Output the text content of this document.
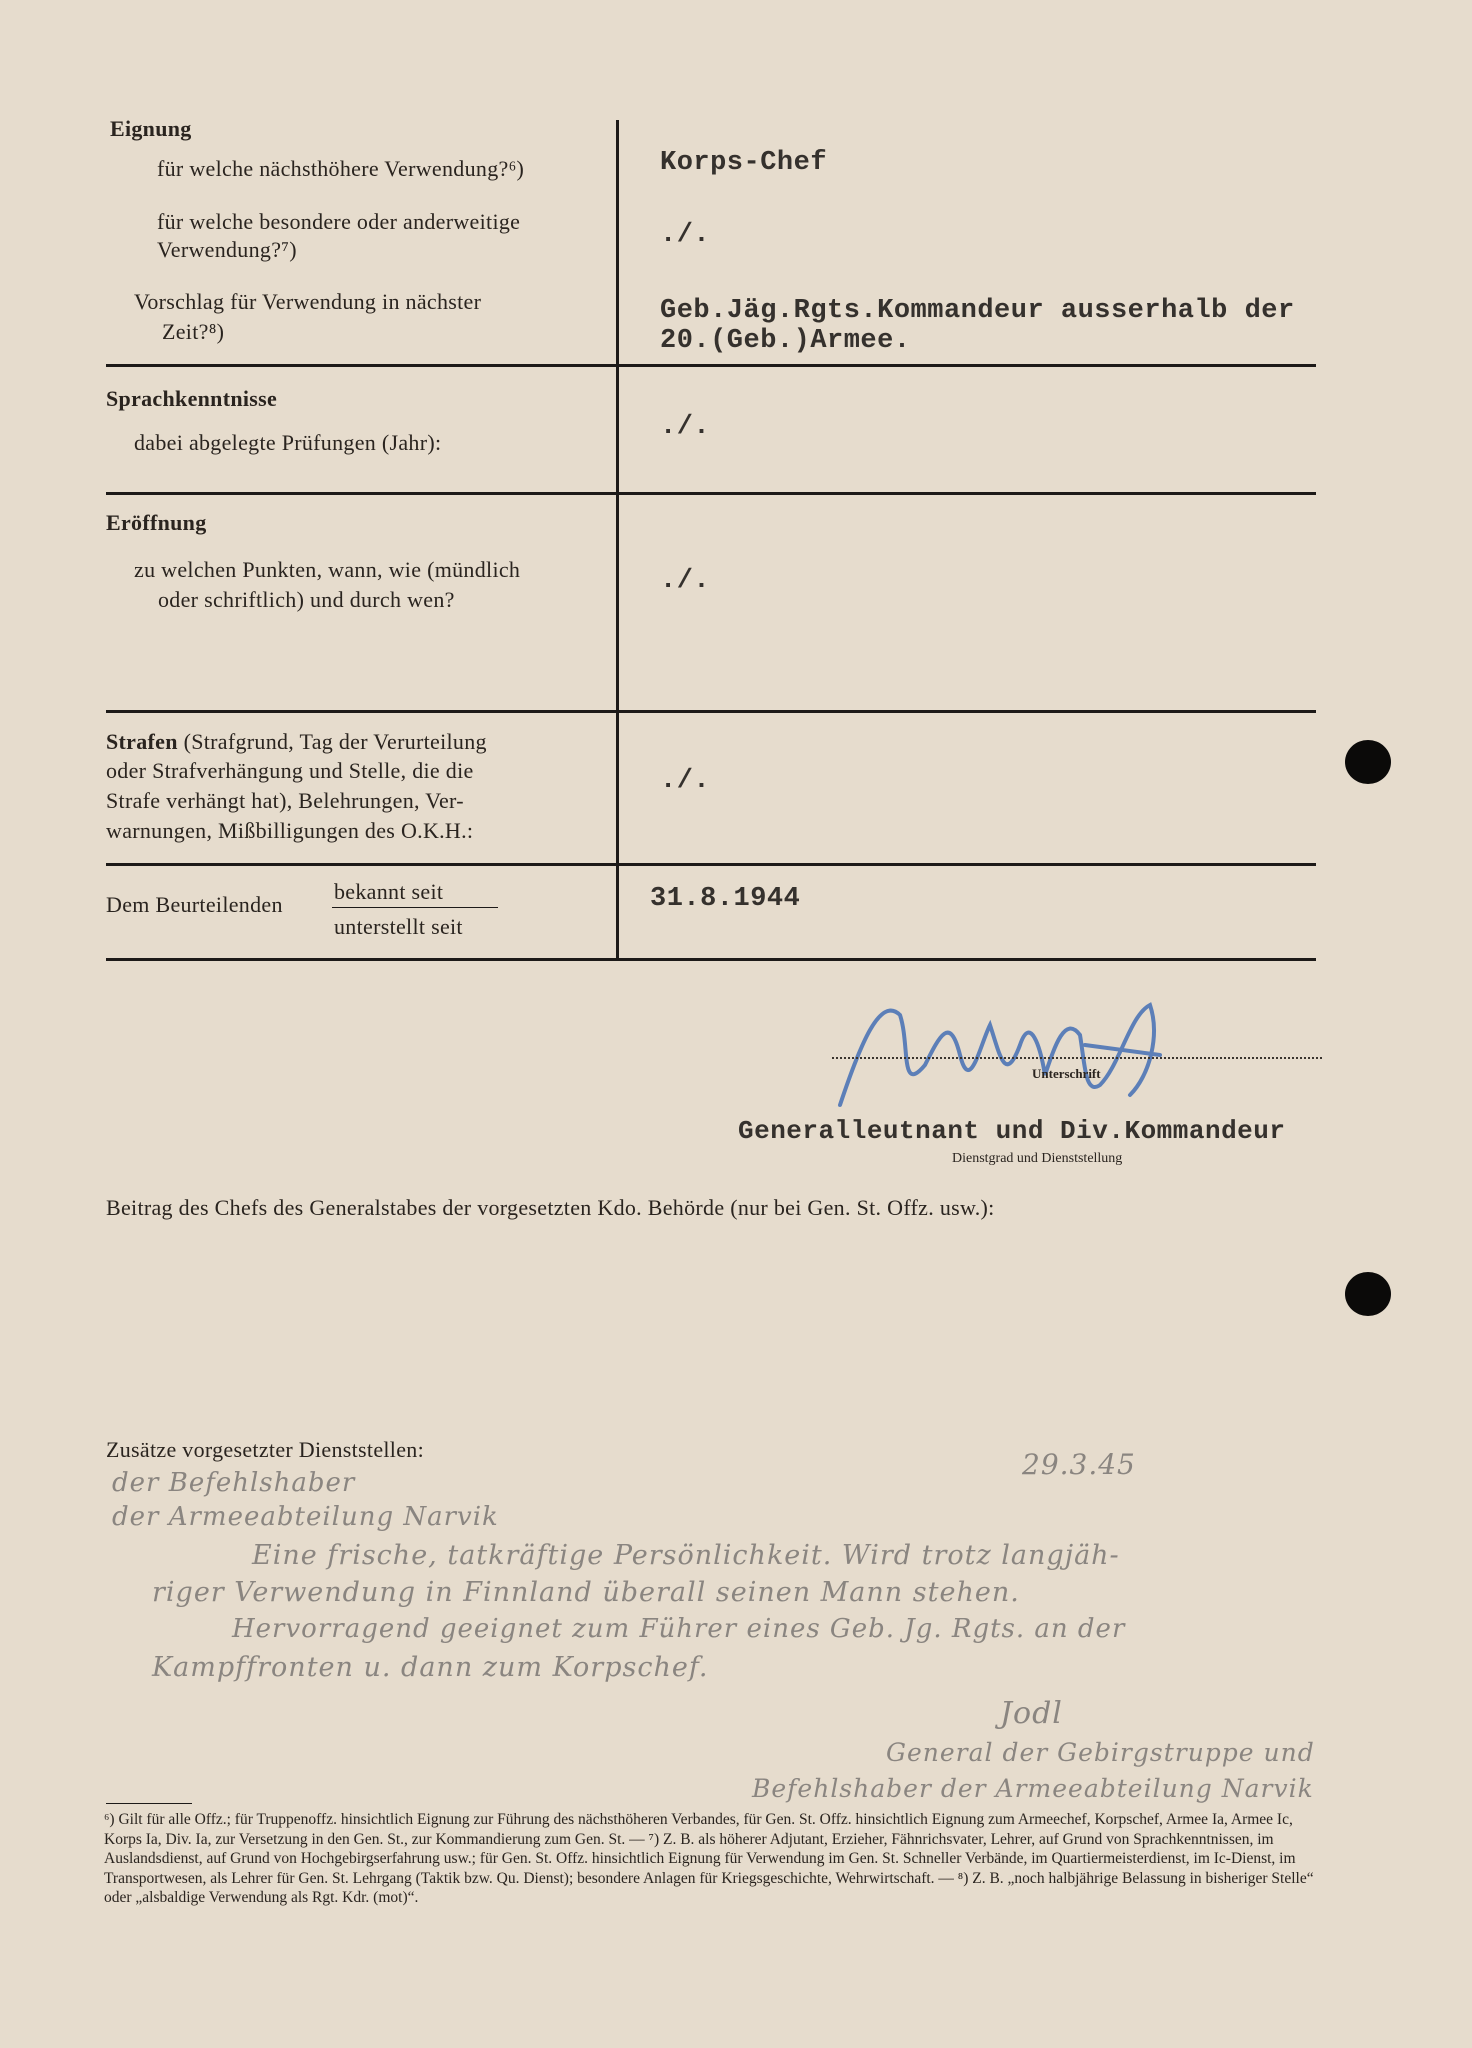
Eignung
für welche nächsthöhere Verwendung?⁶)
für welche besondere oder anderweitige
Verwendung?⁷)
Vorschlag für Verwendung in nächster
Zeit?⁸)
Korps-Chef
./.
Geb.Jäg.Rgts.Kommandeur ausserhalb der
20.(Geb.)Armee.
Sprachkenntnisse
dabei abgelegte Prüfungen (Jahr):
./.
Eröffnung
zu welchen Punkten, wann, wie (mündlich
oder schriftlich) und durch wen?
./.
Strafen (Strafgrund, Tag der Verurteilung
oder Strafverhängung und Stelle, die die
Strafe verhängt hat), Belehrungen, Ver-
warnungen, Mißbilligungen des O.K.H.:
./.
Dem Beurteilenden
bekannt seit
unterstellt seit
31.8.1944
Unterschrift
Generalleutnant und Div.Kommandeur
Dienstgrad und Dienststellung
Beitrag des Chefs des Generalstabes der vorgesetzten Kdo. Behörde (nur bei Gen. St. Offz. usw.):
Zusätze vorgesetzter Dienststellen:	29.3.45
der Befehlshaber
der Armeeabteilung Narvik
Eine frische, tatkräftige Persönlichkeit. Wird trotz langjäh-
riger Verwendung in Finnland überall seinen Mann stehen.
Hervorragend geeignet zum Führer eines Geb. Jg. Rgts. an der
Kampffronten u. dann zum Korpschef.
Jodl
General der Gebirgstruppe und
Befehlshaber der Armeeabteilung Narvik
⁶) Gilt für alle Offz.; für Truppenoffz. hinsichtlich Eignung zur Führung des nächsthöheren Verbandes, für Gen. St. Offz. hinsichtlich Eignung zum Armeechef, Korpschef, Armee Ia, Armee Ic, Korps Ia, Div. Ia, zur Versetzung in den Gen. St., zur Kommandierung zum Gen. St. — ⁷) Z. B. als höherer Adjutant, Erzieher, Fähnrichsvater, Lehrer, auf Grund von Sprachkenntnissen, im Auslandsdienst, auf Grund von Hochgebirgserfahrung usw.; für Gen. St. Offz. hinsichtlich Eignung für Verwendung im Gen. St. Schneller Verbände, im Quartiermeisterdienst, im Ic-Dienst, im Transportwesen, als Lehrer für Gen. St. Lehrgang (Taktik bzw. Qu. Dienst); besondere Anlagen für Kriegsgeschichte, Wehrwirtschaft. — ⁸) Z. B. „noch halbjährige Belassung in bisheriger Stelle“ oder „alsbaldige Verwendung als Rgt. Kdr. (mot)“.
